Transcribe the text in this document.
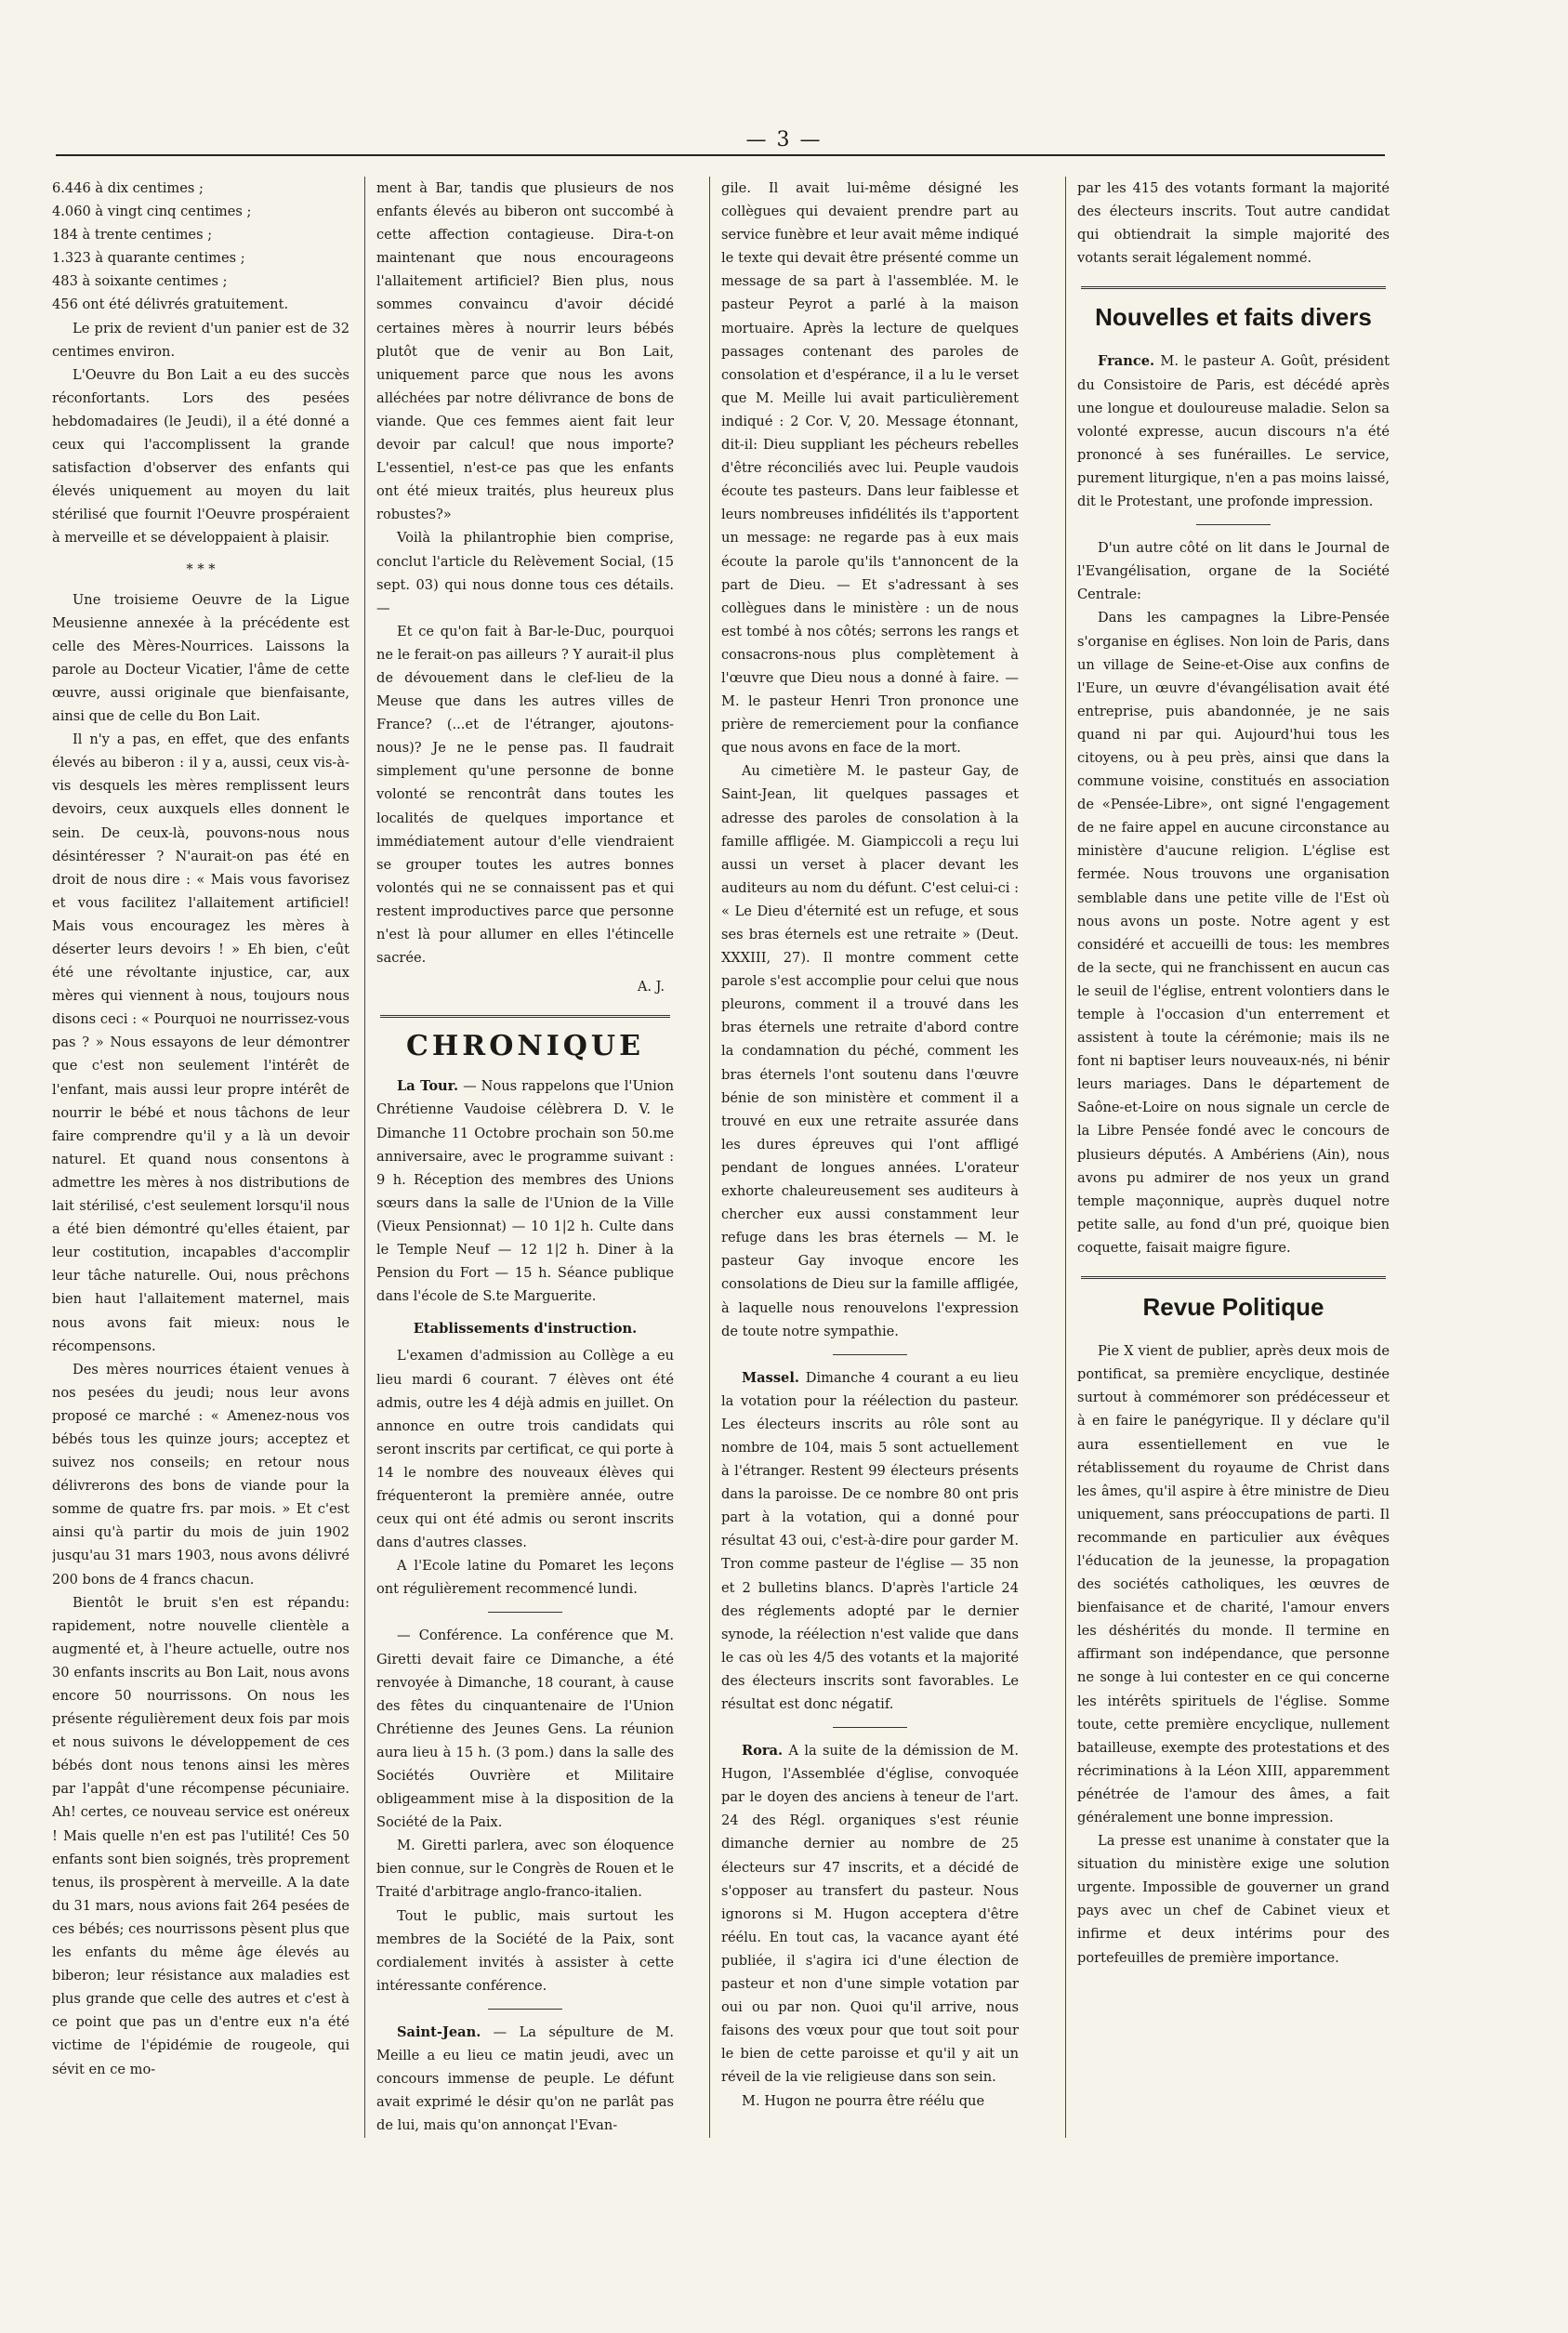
— 3 —

6.446 à dix centimes ;

4.060 à vingt cinq centimes ;

184 à trente centimes ;

1.323 à quarante centimes ;

483 à soixante centimes ;

456 ont été délivrés gratuitement.

Le prix de revient d'un panier est de 32 centimes environ.

L'Oeuvre du Bon Lait a eu des succès réconfortants. Lors des pesées hebdomadaires (le Jeudi), il a été donné a ceux qui l'accomplissent la grande satisfaction d'observer des enfants qui élevés uniquement au moyen du lait stérilisé que fournit l'Oeuvre prospéraient à merveille et se développaient à plaisir.

* * *

Une troisieme Oeuvre de la Ligue Meusienne annexée à la précédente est celle des Mères-Nourrices. Laissons la parole au Docteur Vicatier, l'âme de cette œuvre, aussi originale que bienfaisante, ainsi que de celle du Bon Lait.

Il n'y a pas, en effet, que des enfants élevés au biberon : il y a, aussi, ceux vis-à-vis desquels les mères remplissent leurs devoirs, ceux auxquels elles donnent le sein. De ceux-là, pouvons-nous nous désintéresser ? N'aurait-on pas été en droit de nous dire : « Mais vous favorisez et vous facilitez l'allaitement artificiel! Mais vous encouragez les mères à déserter leurs devoirs ! » Eh bien, c'eût été une révoltante injustice, car, aux mères qui viennent à nous, toujours nous disons ceci : « Pourquoi ne nourrissez-vous pas ? » Nous essayons de leur démontrer que c'est non seulement l'intérêt de l'enfant, mais aussi leur propre intérêt de nourrir le bébé et nous tâchons de leur faire comprendre qu'il y a là un devoir naturel. Et quand nous consentons à admettre les mères à nos distributions de lait stérilisé, c'est seulement lorsqu'il nous a été bien démontré qu'elles étaient, par leur costitution, incapables d'accomplir leur tâche naturelle. Oui, nous prêchons bien haut l'allaitement maternel, mais nous avons fait mieux: nous le récompensons.

Des mères nourrices étaient venues à nos pesées du jeudi; nous leur avons proposé ce marché : « Amenez-nous vos bébés tous les quinze jours; acceptez et suivez nos conseils; en retour nous délivrerons des bons de viande pour la somme de quatre frs. par mois. » Et c'est ainsi qu'à partir du mois de juin 1902 jusqu'au 31 mars 1903, nous avons délivré 200 bons de 4 francs chacun.

Bientôt le bruit s'en est répandu: rapidement, notre nouvelle clientèle a augmenté et, à l'heure actuelle, outre nos 30 enfants inscrits au Bon Lait, nous avons encore 50 nourrissons. On nous les présente régulièrement deux fois par mois et nous suivons le développement de ces bébés dont nous tenons ainsi les mères par l'appât d'une récompense pécuniaire. Ah! certes, ce nouveau service est onéreux ! Mais quelle n'en est pas l'utilité! Ces 50 enfants sont bien soignés, très proprement tenus, ils prospèrent à merveille. A la date du 31 mars, nous avions fait 264 pesées de ces bébés; ces nourrissons pèsent plus que les enfants du même âge élevés au biberon; leur résistance aux maladies est plus grande que celle des autres et c'est à ce point que pas un d'entre eux n'a été victime de l'épidémie de rougeole, qui sévit en ce mo-

ment à Bar, tandis que plusieurs de nos enfants élevés au biberon ont succombé à cette affection contagieuse. Dira-t-on maintenant que nous encourageons l'allaitement artificiel? Bien plus, nous sommes convaincu d'avoir décidé certaines mères à nourrir leurs bébés plutôt que de venir au Bon Lait, uniquement parce que nous les avons alléchées par notre délivrance de bons de viande. Que ces femmes aient fait leur devoir par calcul! que nous importe? L'essentiel, n'est-ce pas que les enfants ont été mieux traités, plus heureux plus robustes?»

Voilà la philantrophie bien comprise, conclut l'article du Relèvement Social, (15 sept. 03) qui nous donne tous ces détails. —

Et ce qu'on fait à Bar-le-Duc, pourquoi ne le ferait-on pas ailleurs ? Y aurait-il plus de dévouement dans le clef-lieu de la Meuse que dans les autres villes de France? (...et de l'étranger, ajoutons-nous)? Je ne le pense pas. Il faudrait simplement qu'une personne de bonne volonté se rencontrât dans toutes les localités de quelques importance et immédiatement autour d'elle viendraient se grouper toutes les autres bonnes volontés qui ne se connaissent pas et qui restent improductives parce que personne n'est là pour allumer en elles l'étincelle sacrée.

A. J.

CHRONIQUE

La Tour. — Nous rappelons que l'Union Chrétienne Vaudoise célèbrera D. V. le Dimanche 11 Octobre prochain son 50.me anniversaire, avec le programme suivant : 9 h. Réception des membres des Unions sœurs dans la salle de l'Union de la Ville (Vieux Pensionnat) — 10 1|2 h. Culte dans le Temple Neuf — 12 1|2 h. Diner à la Pension du Fort — 15 h. Séance publique dans l'école de S.te Marguerite.

Etablissements d'instruction.

L'examen d'admission au Collège a eu lieu mardi 6 courant. 7 élèves ont été admis, outre les 4 déjà admis en juillet. On annonce en outre trois candidats qui seront inscrits par certificat, ce qui porte à 14 le nombre des nouveaux élèves qui fréquenteront la première année, outre ceux qui ont été admis ou seront inscrits dans d'autres classes.

A l'Ecole latine du Pomaret les leçons ont régulièrement recommencé lundi.

— Conférence. La conférence que M. Giretti devait faire ce Dimanche, a été renvoyée à Dimanche, 18 courant, à cause des fêtes du cinquantenaire de l'Union Chrétienne des Jeunes Gens. La réunion aura lieu à 15 h. (3 pom.) dans la salle des Sociétés Ouvrière et Militaire obligeamment mise à la disposition de la Société de la Paix.

M. Giretti parlera, avec son éloquence bien connue, sur le Congrès de Rouen et le Traité d'arbitrage anglo-franco-italien.

Tout le public, mais surtout les membres de la Société de la Paix, sont cordialement invités à assister à cette intéressante conférence.

Saint-Jean. — La sépulture de M. Meille a eu lieu ce matin jeudi, avec un concours immense de peuple. Le défunt avait exprimé le désir qu'on ne parlât pas de lui, mais qu'on annonçat l'Evan-

gile. Il avait lui-même désigné les collègues qui devaient prendre part au service funèbre et leur avait même indiqué le texte qui devait être présenté comme un message de sa part à l'assemblée. M. le pasteur Peyrot a parlé à la maison mortuaire. Après la lecture de quelques passages contenant des paroles de consolation et d'espérance, il a lu le verset que M. Meille lui avait particulièrement indiqué : 2 Cor. V, 20. Message étonnant, dit-il: Dieu suppliant les pécheurs rebelles d'être réconciliés avec lui. Peuple vaudois écoute tes pasteurs. Dans leur faiblesse et leurs nombreuses infidélités ils t'apportent un message: ne regarde pas à eux mais écoute la parole qu'ils t'annoncent de la part de Dieu. — Et s'adressant à ses collègues dans le ministère : un de nous est tombé à nos côtés; serrons les rangs et consacrons-nous plus complètement à l'œuvre que Dieu nous a donné à faire. — M. le pasteur Henri Tron prononce une prière de remerciement pour la confiance que nous avons en face de la mort.

Au cimetière M. le pasteur Gay, de Saint-Jean, lit quelques passages et adresse des paroles de consolation à la famille affligée. M. Giampiccoli a reçu lui aussi un verset à placer devant les auditeurs au nom du défunt. C'est celui-ci : « Le Dieu d'éternité est un refuge, et sous ses bras éternels est une retraite » (Deut. XXXIII, 27). Il montre comment cette parole s'est accomplie pour celui que nous pleurons, comment il a trouvé dans les bras éternels une retraite d'abord contre la condamnation du péché, comment les bras éternels l'ont soutenu dans l'œuvre bénie de son ministère et comment il a trouvé en eux une retraite assurée dans les dures épreuves qui l'ont affligé pendant de longues années. L'orateur exhorte chaleureusement ses auditeurs à chercher eux aussi constamment leur refuge dans les bras éternels — M. le pasteur Gay invoque encore les consolations de Dieu sur la famille affligée, à laquelle nous renouvelons l'expression de toute notre sympathie.

Massel. Dimanche 4 courant a eu lieu la votation pour la réélection du pasteur. Les électeurs inscrits au rôle sont au nombre de 104, mais 5 sont actuellement à l'étranger. Restent 99 électeurs présents dans la paroisse. De ce nombre 80 ont pris part à la votation, qui a donné pour résultat 43 oui, c'est-à-dire pour garder M. Tron comme pasteur de l'église — 35 non et 2 bulletins blancs. D'après l'article 24 des réglements adopté par le dernier synode, la réélection n'est valide que dans le cas où les 4/5 des votants et la majorité des électeurs inscrits sont favorables. Le résultat est donc négatif.

Rora. A la suite de la démission de M. Hugon, l'Assemblée d'église, convoquée par le doyen des anciens à teneur de l'art. 24 des Régl. organiques s'est réunie dimanche dernier au nombre de 25 électeurs sur 47 inscrits, et a décidé de s'opposer au transfert du pasteur. Nous ignorons si M. Hugon acceptera d'être réélu. En tout cas, la vacance ayant été publiée, il s'agira ici d'une élection de pasteur et non d'une simple votation par oui ou par non. Quoi qu'il arrive, nous faisons des vœux pour que tout soit pour le bien de cette paroisse et qu'il y ait un réveil de la vie religieuse dans son sein.

M. Hugon ne pourra être réélu que

par les 415 des votants formant la majorité des électeurs inscrits. Tout autre candidat qui obtiendrait la simple majorité des votants serait légalement nommé.

Nouvelles et faits divers

France. M. le pasteur A. Goût, président du Consistoire de Paris, est décédé après une longue et douloureuse maladie. Selon sa volonté expresse, aucun discours n'a été prononcé à ses funérailles. Le service, purement liturgique, n'en a pas moins laissé, dit le Protestant, une profonde impression.

D'un autre côté on lit dans le Journal de l'Evangélisation, organe de la Société Centrale:

Dans les campagnes la Libre-Pensée s'organise en églises. Non loin de Paris, dans un village de Seine-et-Oise aux confins de l'Eure, un œuvre d'évangélisation avait été entreprise, puis abandonnée, je ne sais quand ni par qui. Aujourd'hui tous les citoyens, ou à peu près, ainsi que dans la commune voisine, constitués en association de «Pensée-Libre», ont signé l'engagement de ne faire appel en aucune circonstance au ministère d'aucune religion. L'église est fermée. Nous trouvons une organisation semblable dans une petite ville de l'Est où nous avons un poste. Notre agent y est considéré et accueilli de tous: les membres de la secte, qui ne franchissent en aucun cas le seuil de l'église, entrent volontiers dans le temple à l'occasion d'un enterrement et assistent à toute la cérémonie; mais ils ne font ni baptiser leurs nouveaux-nés, ni bénir leurs mariages. Dans le département de Saône-et-Loire on nous signale un cercle de la Libre Pensée fondé avec le concours de plusieurs députés. A Ambériens (Ain), nous avons pu admirer de nos yeux un grand temple maçonnique, auprès duquel notre petite salle, au fond d'un pré, quoique bien coquette, faisait maigre figure.

Revue Politique

Pie X vient de publier, après deux mois de pontificat, sa première encyclique, destinée surtout à commémorer son prédécesseur et à en faire le panégyrique. Il y déclare qu'il aura essentiellement en vue le rétablissement du royaume de Christ dans les âmes, qu'il aspire à être ministre de Dieu uniquement, sans préoccupations de parti. Il recommande en particulier aux évêques l'éducation de la jeunesse, la propagation des sociétés catholiques, les œuvres de bienfaisance et de charité, l'amour envers les déshérités du monde. Il termine en affirmant son indépendance, que personne ne songe à lui contester en ce qui concerne les intérêts spirituels de l'église. Somme toute, cette première encyclique, nullement batailleuse, exempte des protestations et des récriminations à la Léon XIII, apparemment pénétrée de l'amour des âmes, a fait généralement une bonne impression.

La presse est unanime à constater que la situation du ministère exige une solution urgente. Impossible de gouverner un grand pays avec un chef de Cabinet vieux et infirme et deux intérims pour des portefeuilles de première importance.
